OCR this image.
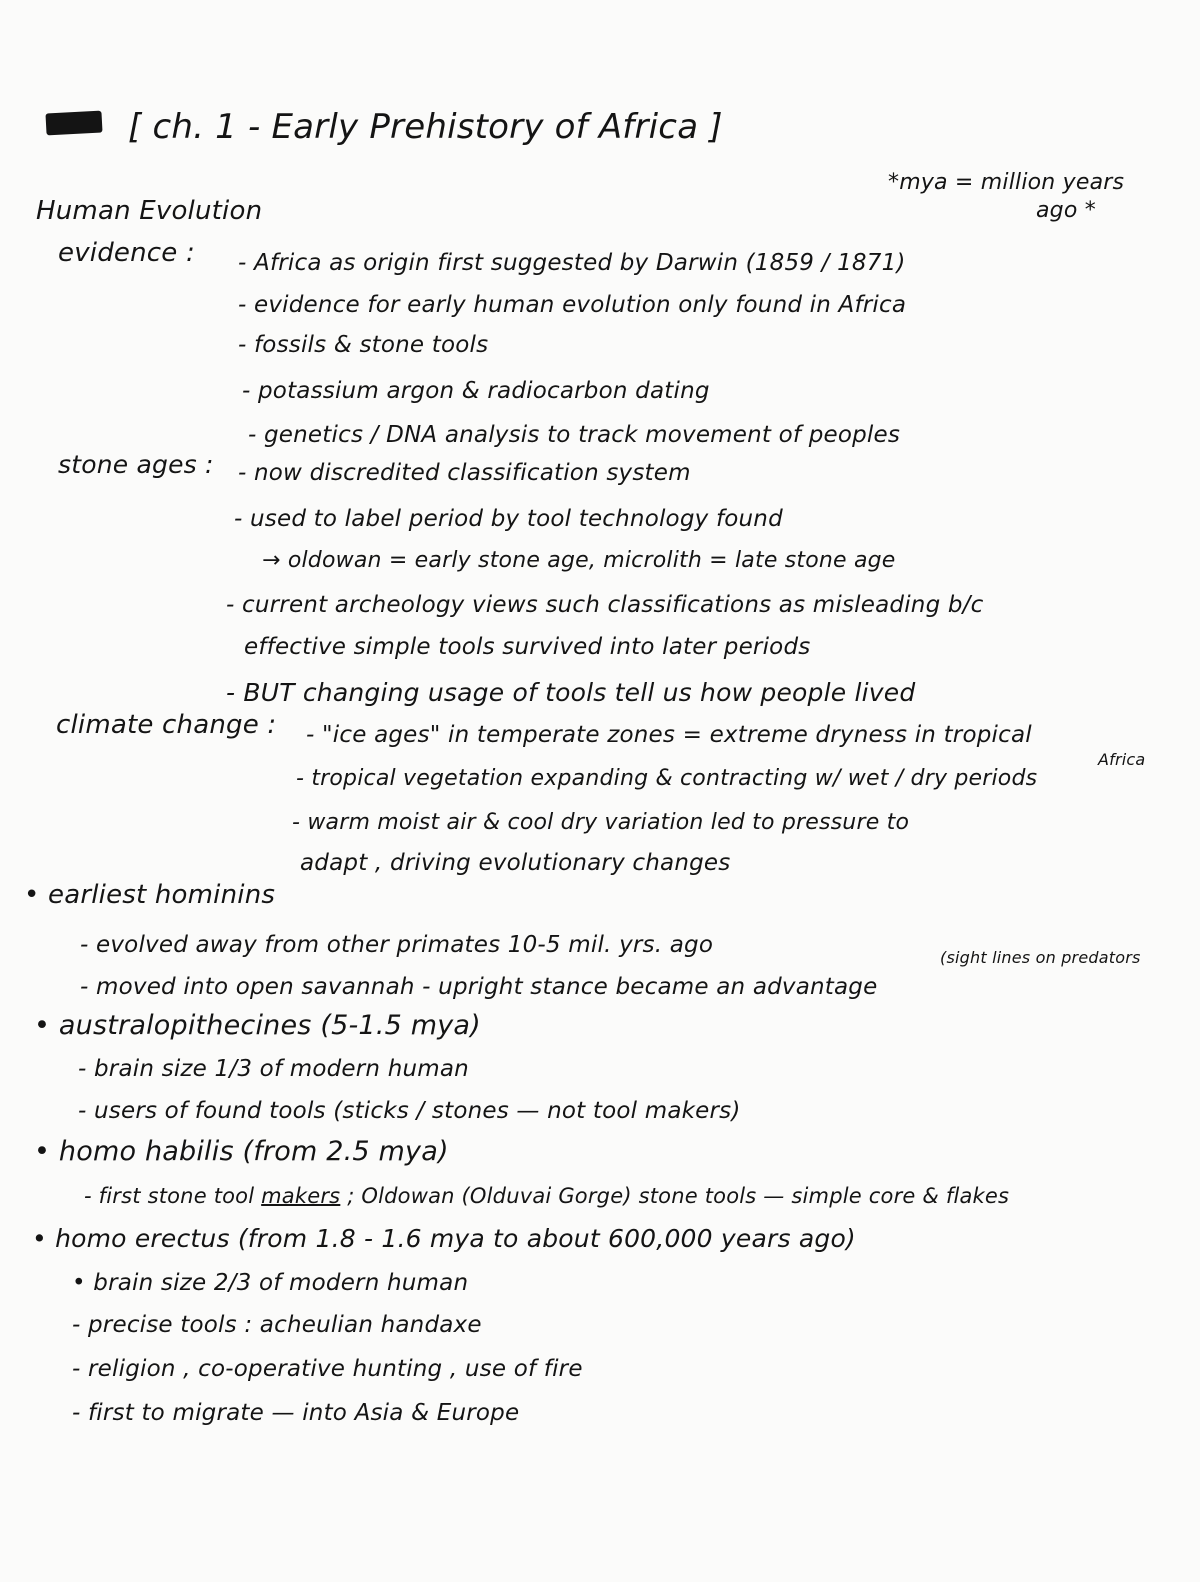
[ ch. 1 - Early Prehistory of Africa ]
*mya = million years
ago *
Human Evolution
evidence : - Africa as origin first suggested by Darwin (1859 / 1871)
- evidence for early human evolution only found in Africa
- fossils & stone tools
- potassium argon & radiocarbon dating
- genetics / DNA analysis to track movement of peoples
stone ages : - now discredited classification system
- used to label period by tool technology found
→ oldowan = early stone age, microlith = late stone age
- current archeology views such classifications as misleading b/c
effective simple tools survived into later periods
- BUT changing usage of tools tell us how people lived
climate change : - "ice ages" in temperate zones = extreme dryness in tropical
Africa
- tropical vegetation expanding & contracting w/ wet / dry periods
- warm moist air & cool dry variation led to pressure to
adapt , driving evolutionary changes
• earliest hominins
- evolved away from other primates 10-5 mil. yrs. ago	(sight lines on predators
- moved into open savannah - upright stance became an advantage
• australopithecines (5-1.5 mya)
- brain size 1/3 of modern human
- users of found tools (sticks / stones — not tool makers)
• homo habilis (from 2.5 mya)
- first stone tool makers ; Oldowan (Olduvai Gorge) stone tools — simple core & flakes
• homo erectus (from 1.8 - 1.6 mya to about 600,000 years ago)
• brain size 2/3 of modern human
- precise tools : acheulian handaxe
- religion , co-operative hunting , use of fire
- first to migrate — into Asia & Europe
